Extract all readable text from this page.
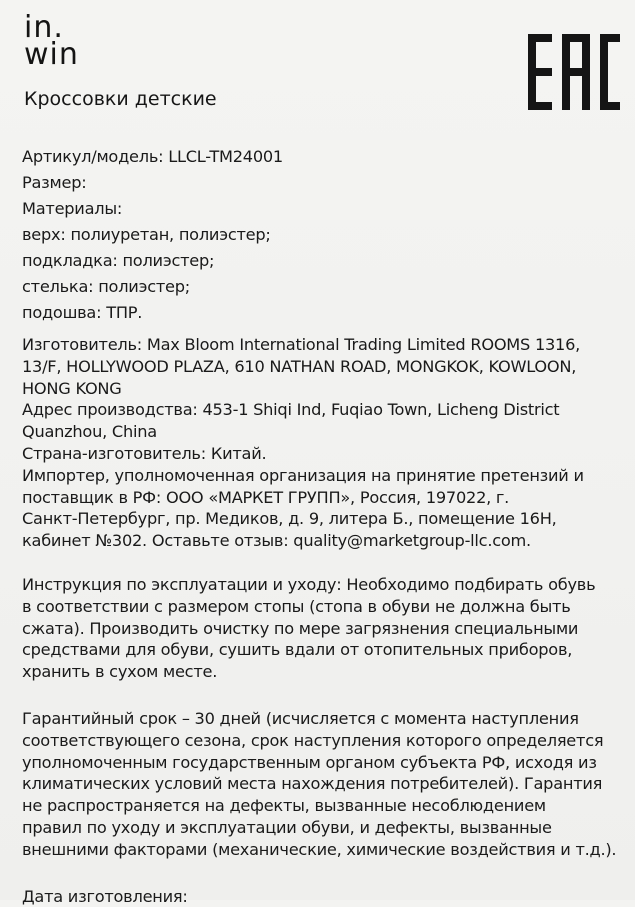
in.
win
Кроссовки детские
Артикул/модель: LLCL-TM24001
Размер:
Материалы:
верх: полиуретан, полиэстер;
подкладка: полиэстер;
стелька: полиэстер;
подошва: ТПР.
Изготовитель: Max Bloom International Trading Limited ROOMS 1316,
13/F, HOLLYWOOD PLAZA, 610 NATHAN ROAD, MONGKOK, KOWLOON,
HONG KONG
Адрес производства: 453-1 Shiqi Ind, Fuqiao Town, Licheng District
Quanzhou, China
Страна-изготовитель: Китай.
Импортер, уполномоченная организация на принятие претензий и
поставщик в РФ: ООО «МАРКЕТ ГРУПП», Россия, 197022, г.
Санкт-Петербург, пр. Медиков, д. 9, литера Б., помещение 16Н,
кабинет №302. Оставьте отзыв: quality@marketgroup-llc.com.
Инструкция по эксплуатации и уходу: Необходимо подбирать обувь
в соответствии с размером стопы (стопа в обуви не должна быть
сжата). Производить очистку по мере загрязнения специальными
средствами для обуви, сушить вдали от отопительных приборов,
хранить в сухом месте.
Гарантийный срок – 30 дней (исчисляется с момента наступления
соответствующего сезона, срок наступления которого определяется
уполномоченным государственным органом субъекта РФ, исходя из
климатических условий места нахождения потребителей). Гарантия
не распространяется на дефекты, вызванные несоблюдением
правил по уходу и эксплуатации обуви, и дефекты, вызванные
внешними факторами (механические, химические воздействия и т.д.).
Дата изготовления:
